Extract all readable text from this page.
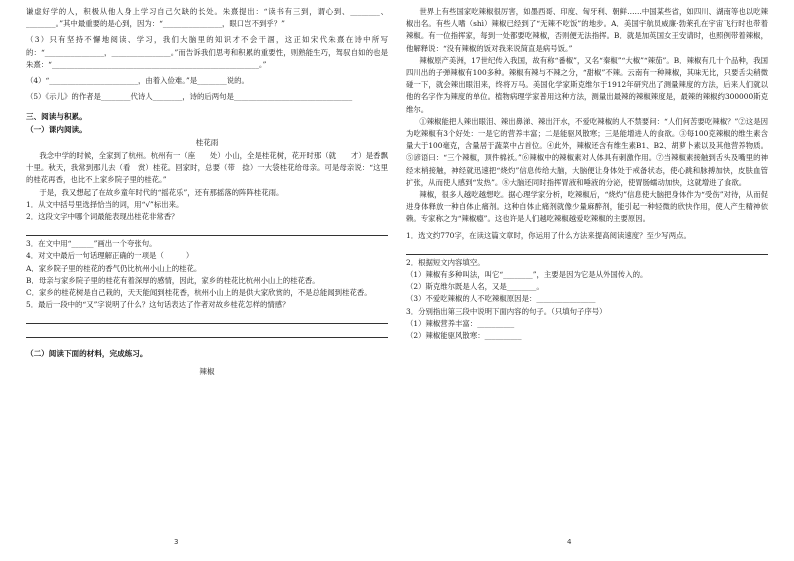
谦虚好学的人，积极从他人身上学习自己欠缺的长处。朱熹提出：“读书有三到，谓心到、________、________。”其中最重要的是心到，因为：“________________，眼口岂不到乎？”

（3）只有坚持不懈地阅读、学习，我们大脑里的知识才不会干涸，这正如宋代朱熹在诗中所写的：“________________，________________。”而告诉我们思考和积累的重要性，则熟能生巧，驾驭自如的也是朱熹：“________________________________________________________。”

（4）“________________________，由着入俭难。”是________说的。

（5）《示儿》的作者是________代诗人________，诗的后两句是________________________________

三、阅读与积累。

（一）课内阅读。

桂花雨

我念中学的时候，全家到了杭州。杭州有一（座　　处）小山，全是桂花树，花开时那（就　　才）是香飘十里。秋天，我常到那儿去（看　赏）桂花。回家时，总要（带　捻）一大袋桂花给母亲。可是母亲说：“这里的桂花再香，也比不上家乡院子里的桂花。”

于是，我又想起了在故乡童年时代的“摇花乐”，还有那摇落的阵阵桂花雨。

1．从文中括号里选择恰当的词，用“√”标出来。

2．这段文字中哪个词最能表现出桂花非常香？

3．在文中用“______”画出一个夸张句。

4．对文中最后一句话理解正确的一项是（　　　）

A．家乡院子里的桂花的香气仍比杭州小山上的桂花。

B．母亲与家乡院子里的桂花有着深厚的感情，因此，家乡的桂花比杭州小山上的桂花香。

C．家乡的桂花树是自己栽的，天天能闻到桂花香，杭州小山上的是供大家欣赏的，不是总能闻到桂花香。

5．最后一段中的“又”字说明了什么？这句话表达了作者对故乡桂花怎样的情感？

（二）阅读下面的材料，完成练习。

辣椒

世界上有些国家吃辣椒很厉害，如墨西哥、印度、匈牙利、朝鲜……中国某些省，如四川、湖南等也以吃辣椒出名。有些人嗜（shì）辣椒已经到了“无辣不吃饭”的地步。A．美国宇航员威廉·勃莱孔在宇宙飞行时也带着辣椒。有一位指挥家，每到一处都要吃辣椒，否则便无法指挥。B．就是加英国女王安请时，也照例带着辣椒，他解释说：“没有辣椒的饭对我来说简直是病号饭。”

辣椒原产美洲，17世纪传入我国，故有称“番椒”，又名“秦椒”“大椒”“辣茄”。B．辣椒有几十个品种，我国四川出的子弹辣椒有100多种。辣椒有辣与不辣之分，“甜椒”不辣。云南有一种辣椒，其味无比，只要舌尖稍微碰一下，就会辣出眼泪来，终将万马。美国化学家斯克维尔于1912年研究出了测量辣度的方法，后来人们就以他的名字作为辣度的单位。植物病理学家普用这种方法，测量出最辣的辣椒辣度是，最辣的辣椒约300000斯克维尔。

①辣椒能把人辣出眼泪、辣出鼻涕、辣出汗水，不爱吃辣椒的人不禁要问：“人们何苦要吃辣椒？”②这是因为吃辣椒有3个好处：一是它的营养丰富；二是能驱风散寒；三是能增进人的食欲。③每100克辣椒的维生素含量大于100毫克，含量居于蔬菜中占首位。④此外，辣椒还含有维生素B1、B2、胡萝卜素以及其他营养物质。⑤谚语曰：“三个辣椒，顶件棉袄。”⑥辣椒中的辣椒素对人体具有刺激作用。⑦当辣椒素接触到舌头及嘴里的神经末梢接触，神经就迅速把“烧灼”信息传给大脑，大脑便让身体处于戒备状态，使心跳和脉搏加快，皮肤血管扩张，从而使人感到“发热”。⑧大脑还同时指挥胃液和唾液的分泌，使胃肠蠕动加快，这就增进了食欲。

辣椒，很多人越吃越想吃。据心理学家分析，吃辣椒后，“烧灼”信息使大脑把身体作为“受伤”对待，从而促进身体释放一种自体止痛剂。这种自体止痛剂就像少量麻醉剂，能引起一种轻微的欣快作用，使人产生精神依赖。专家称之为“辣椒瘾”。这也许是人们越吃辣椒越爱吃辣椒的主要原因。

1．选文约770字，在读这篇文章时，你运用了什么方法来提高阅读速度？至少写两点。

2．根据短文内容填空。

（1）辣椒有多种叫法，叫它“________”，主要是因为它是从外国传入的。

（2）斯克维尔既是人名，又是________。

（3）不爱吃辣椒的人不吃辣椒原因是：________________

3．分别指出第三段中说明下面内容的句子。（只填句子序号）

（1）辣椒营养丰富：__________

（2）辣椒能驱风散寒：__________

3	4
